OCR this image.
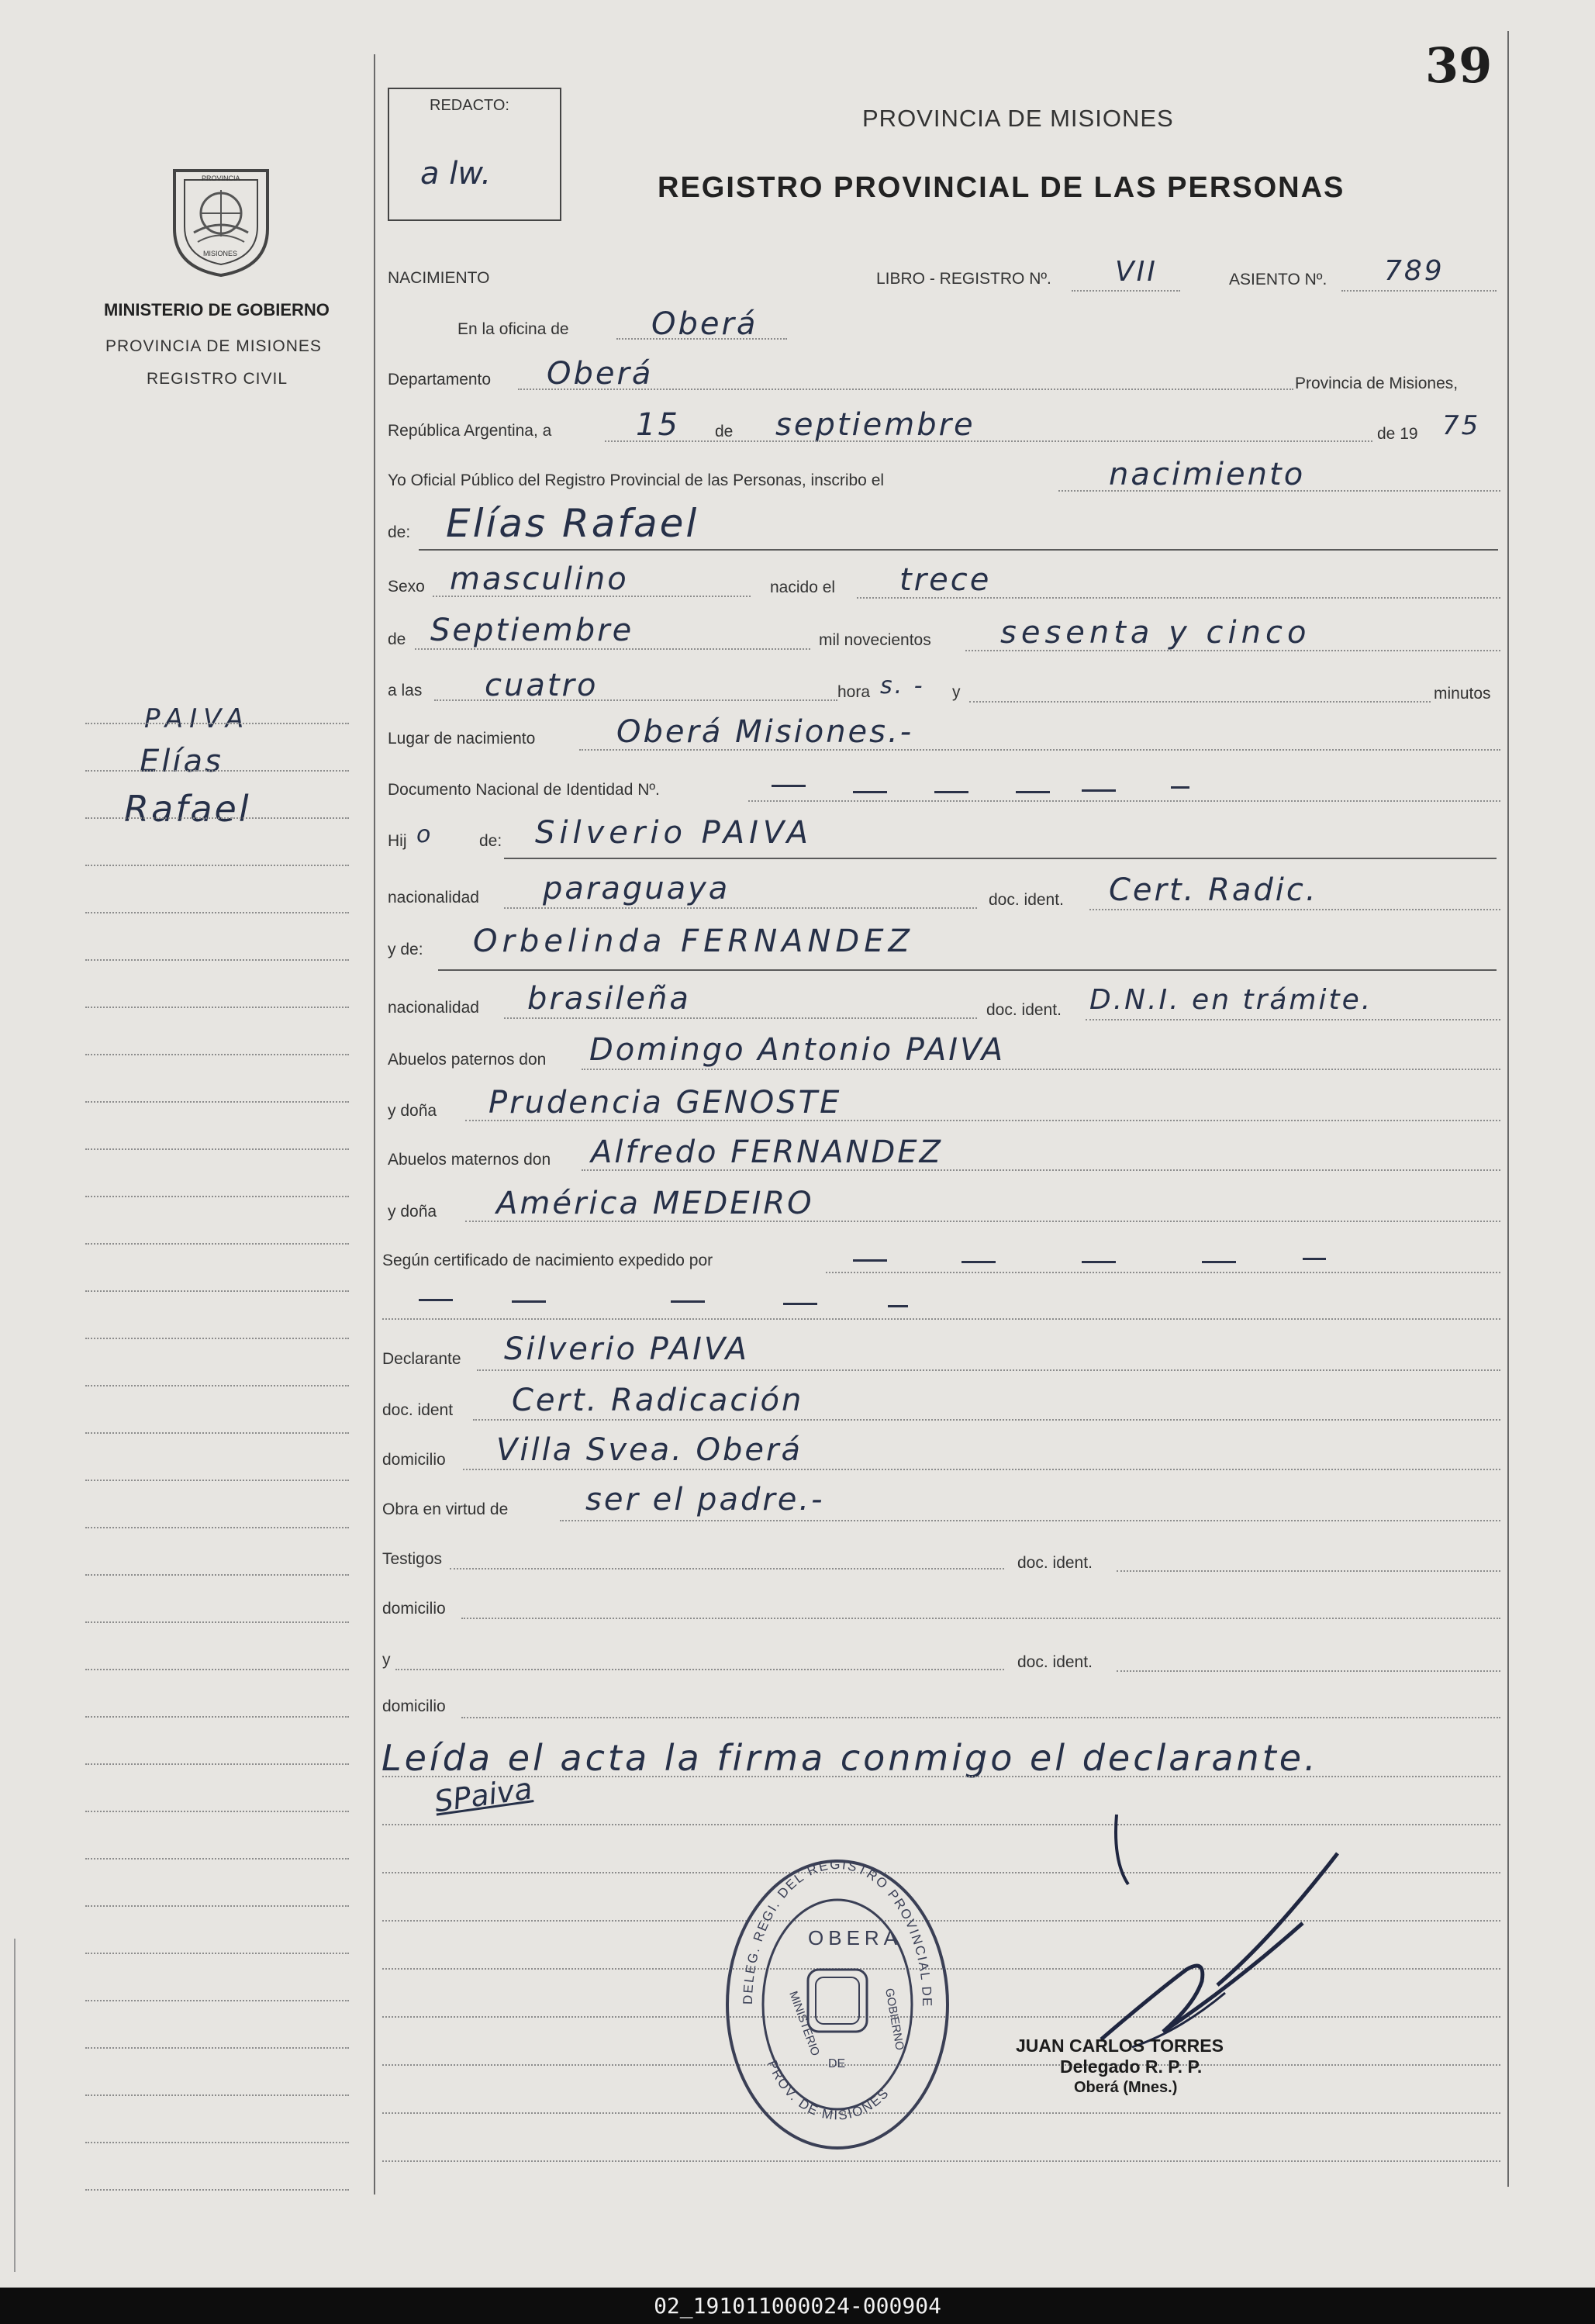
39
REDACTO:
a lw.
PROVINCIA DE MISIONES
REGISTRO PROVINCIAL DE LAS PERSONAS
PROVINCIA
MISIONES
MINISTERIO DE GOBIERNO
PROVINCIA DE MISIONES
REGISTRO CIVIL
PAIVA
Elías
Rafael
NACIMIENTO	LIBRO - REGISTRO Nº. VII	ASIENTO Nº. 789
En la oficina de	Oberá
Departamento Oberá	Provincia de Misiones,
República Argentina, a	15 de septiembre	de 19 75
Yo Oficial Público del Registro Provincial de las Personas, inscribo el	nacimiento
de: Elías Rafael
Sexo masculino	nacido el trece
de Septiembre	mil novecientos sesenta y cinco
a las cuatro	hora s. - y	minutos
Lugar de nacimiento	Oberá Misiones.-
Documento Nacional de Identidad Nº.
Hij o	de: Silverio PAIVA
nacionalidad paraguaya	doc. ident. Cert. Radic.
y de: Orbelinda FERNANDEZ
nacionalidad brasileña	doc. ident. D.N.I. en trámite.
Abuelos paternos don Domingo Antonio PAIVA
y doña Prudencia GENOSTE
Abuelos maternos don Alfredo FERNANDEZ
y doña América MEDEIRO
Según certificado de nacimiento expedido por
Declarante Silverio PAIVA
doc. ident Cert. Radicación
domicilio Villa Svea. Oberá
Obra en virtud de ser el padre.-
Testigos	doc. ident.
domicilio
y	doc. ident.
domicilio
Leída el acta la firma conmigo el declarante.
SPaiva
DELEG. REGI. DEL REGISTRO PROVINCIAL DE
PROV. DE MISIONES
OBERA
MINISTERIO
DE
GOBIERNO	JUAN CARLOS TORRES
Delegado R. P. P.
Oberá (Mnes.)
02_191011000024-000904
